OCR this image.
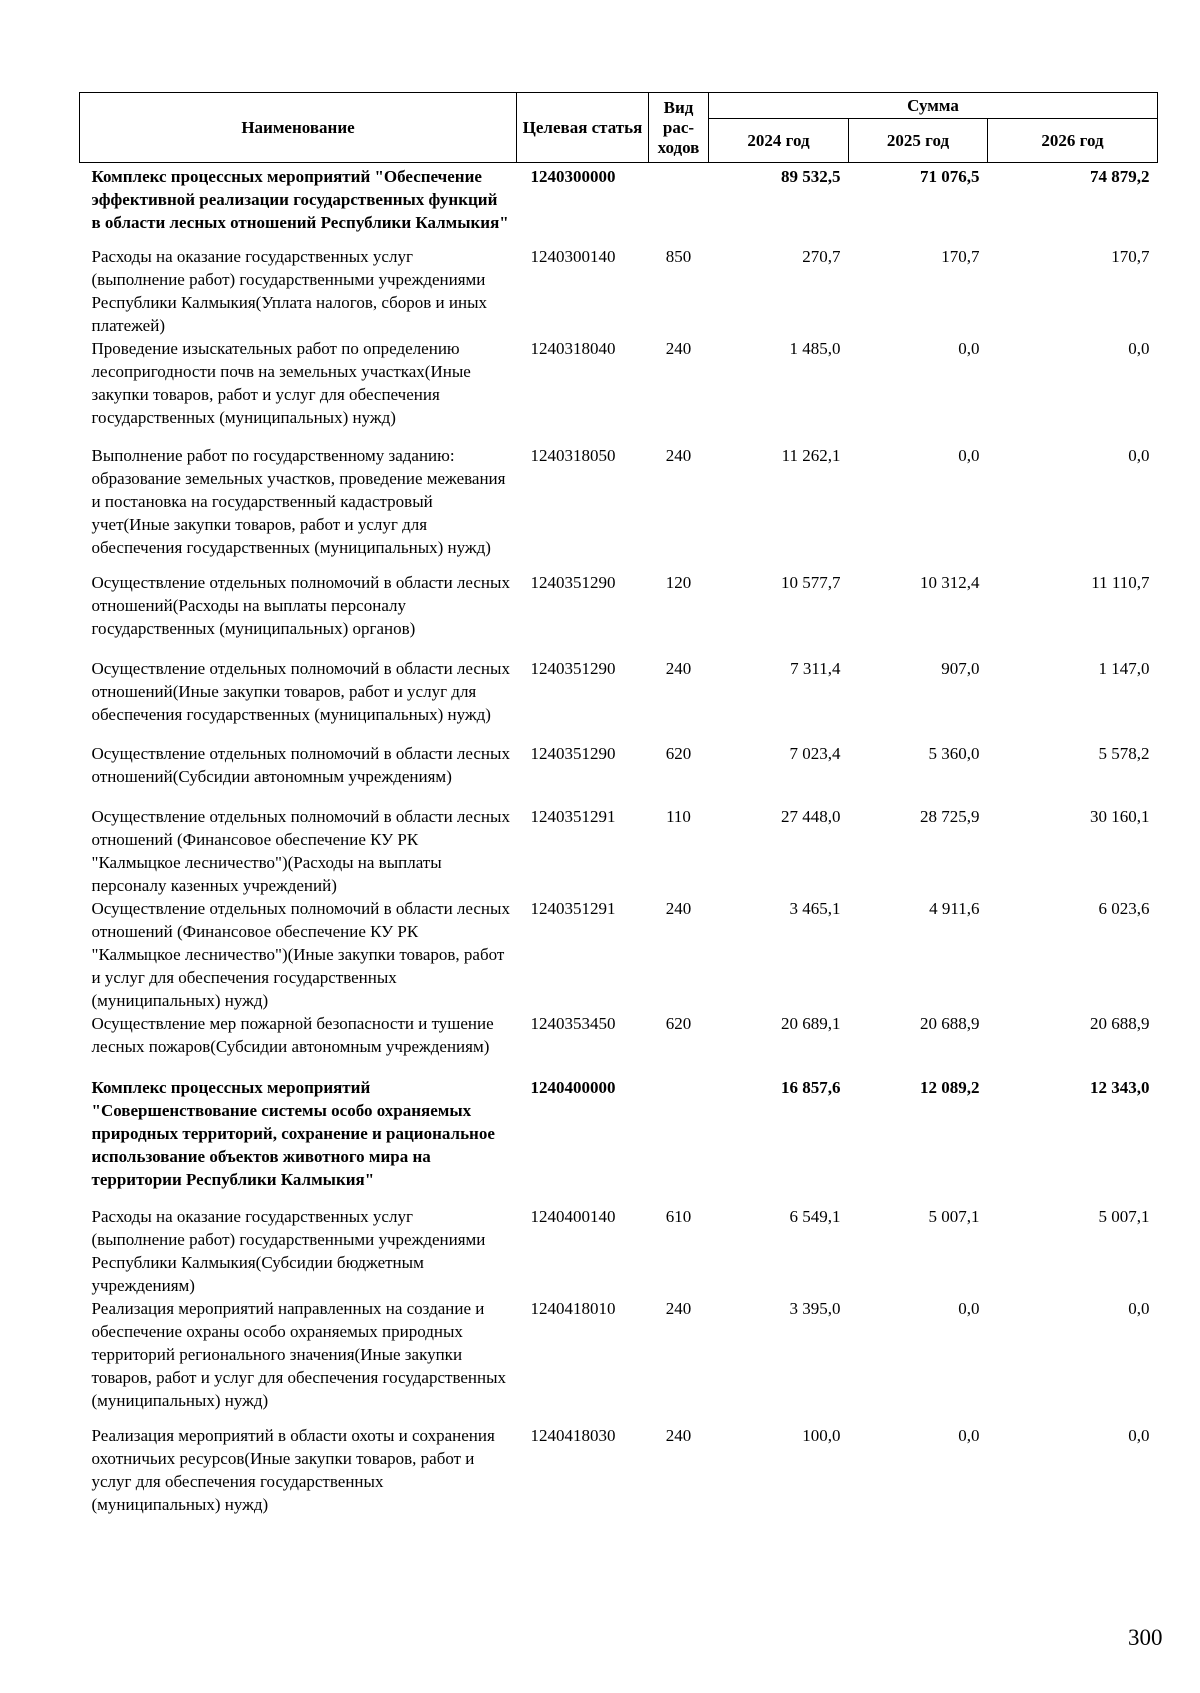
Наименование	Целевая статья	Вид рас-ходов	Сумма		
			2024 год	2025 год	2026 год
Комплекс процессных мероприятий "Обеспечение эффективной реализации государственных функций в области лесных отношений Республики Калмыкия"	1240300000		89 532,5	71 076,5	74 879,2
Расходы на оказание государственных услуг (выполнение работ) государственными учреждениями Республики Калмыкия(Уплата налогов, сборов и иных платежей)	1240300140	850	270,7	170,7	170,7
Проведение изыскательных работ по определению лесопригодности почв на земельных участках(Иные закупки товаров, работ и услуг для обеспечения государственных (муниципальных) нужд)	1240318040	240	1 485,0	0,0	0,0
Выполнение работ по государственному заданию: образование земельных участков, проведение межевания и постановка на государственный кадастровый учет(Иные закупки товаров, работ и услуг для обеспечения государственных (муниципальных) нужд)	1240318050	240	11 262,1	0,0	0,0
Осуществление отдельных полномочий в области лесных отношений(Расходы на выплаты персоналу государственных (муниципальных) органов)	1240351290	120	10 577,7	10 312,4	11 110,7
Осуществление отдельных полномочий в области лесных отношений(Иные закупки товаров, работ и услуг для обеспечения государственных (муниципальных) нужд)	1240351290	240	7 311,4	907,0	1 147,0
Осуществление отдельных полномочий в области лесных отношений(Субсидии автономным учреждениям)	1240351290	620	7 023,4	5 360,0	5 578,2
Осуществление отдельных полномочий в области лесных отношений (Финансовое обеспечение КУ РК "Калмыцкое лесничество")(Расходы на выплаты персоналу казенных учреждений)	1240351291	110	27 448,0	28 725,9	30 160,1
Осуществление отдельных полномочий в области лесных отношений (Финансовое обеспечение КУ РК "Калмыцкое лесничество")(Иные закупки товаров, работ и услуг для обеспечения государственных (муниципальных) нужд)	1240351291	240	3 465,1	4 911,6	6 023,6
Осуществление мер пожарной безопасности и тушение лесных пожаров(Субсидии автономным учреждениям)	1240353450	620	20 689,1	20 688,9	20 688,9
Комплекс процессных мероприятий "Совершенствование системы особо охраняемых природных территорий, сохранение и рациональное использование объектов животного мира на территории Республики Калмыкия"	1240400000		16 857,6	12 089,2	12 343,0
Расходы на оказание государственных услуг (выполнение работ) государственными учреждениями Республики Калмыкия(Субсидии бюджетным учреждениям)	1240400140	610	6 549,1	5 007,1	5 007,1
Реализация мероприятий направленных на создание и обеспечение охраны особо охраняемых природных территорий регионального значения(Иные закупки товаров, работ и услуг для обеспечения государственных (муниципальных) нужд)	1240418010	240	3 395,0	0,0	0,0
Реализация мероприятий в области охоты и сохранения охотничьих ресурсов(Иные закупки товаров, работ и услуг для обеспечения государственных (муниципальных) нужд)	1240418030	240	100,0	0,0	0,0
300
